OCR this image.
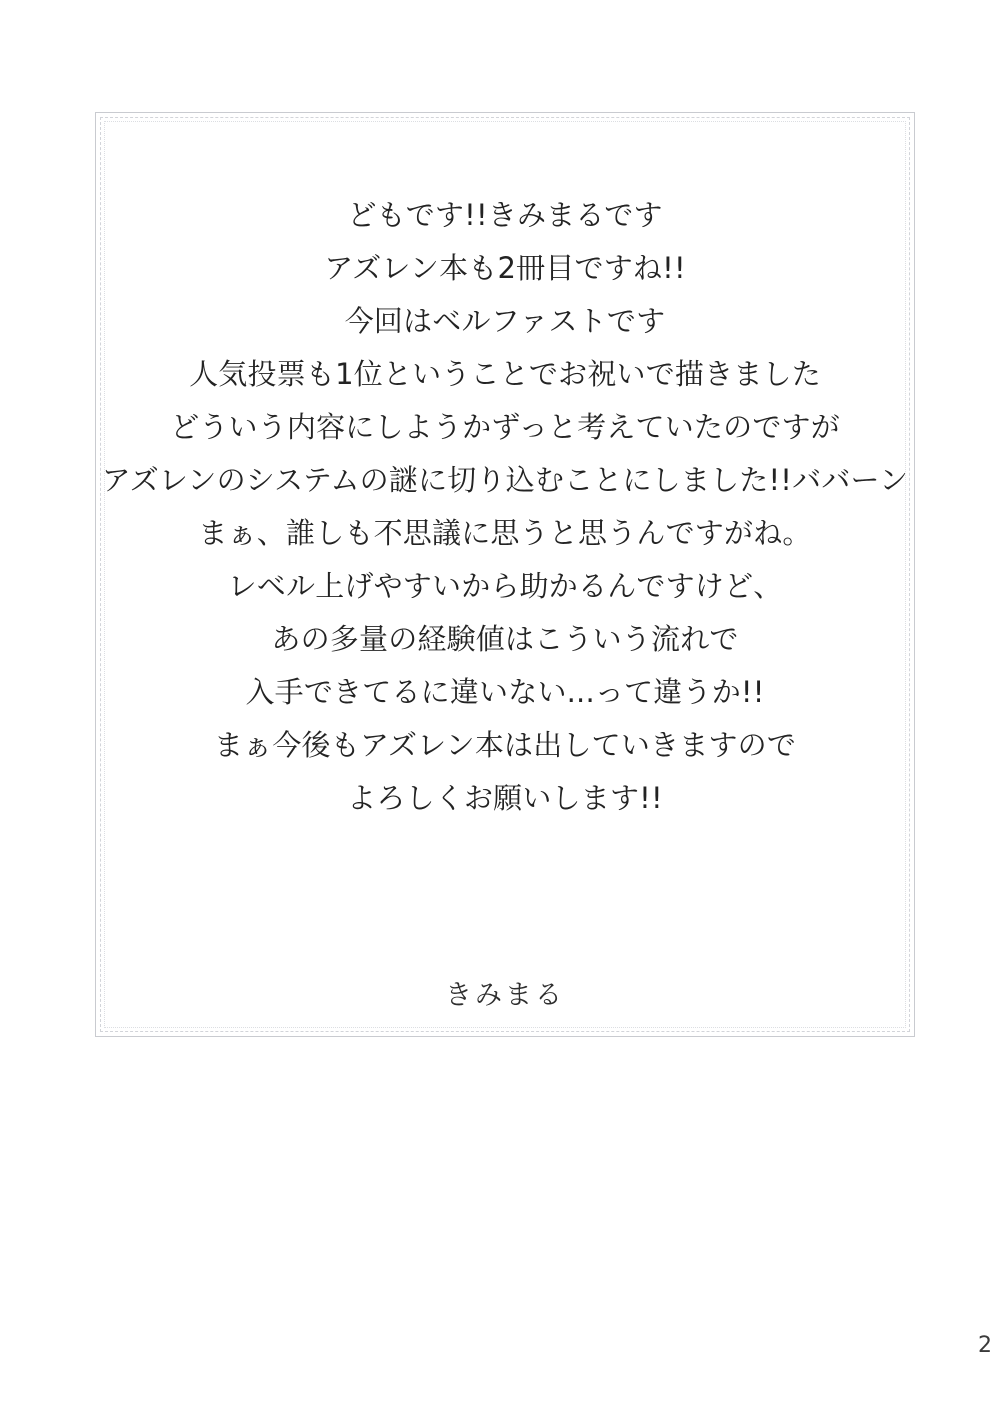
どもです!!きみまるです
アズレン本も2冊目ですね!!
今回はベルファストです
人気投票も1位ということでお祝いで描きました
どういう内容にしようかずっと考えていたのですが
アズレンのシステムの謎に切り込むことにしました!!ババーン
まぁ、誰しも不思議に思うと思うんですがね。
レベル上げやすいから助かるんですけど、
あの多量の経験値はこういう流れで
入手できてるに違いない...って違うか!!
まぁ今後もアズレン本は出していきますので
よろしくお願いします!!
きみまる
2
